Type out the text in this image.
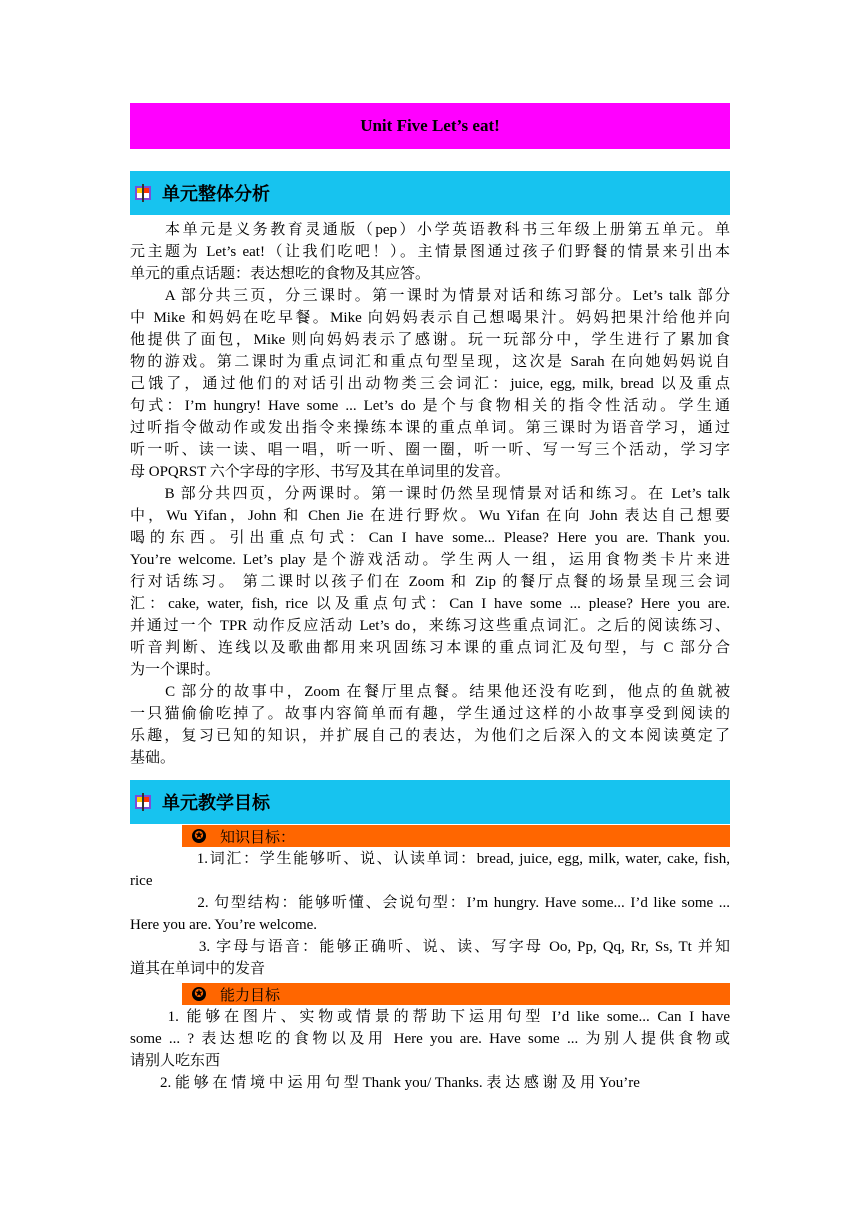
Unit Five Let’s eat!
单元整体分析
　　本单元是义务教育灵通版（pep）小学英语教科书三年级上册第五单元。单
元主题为 Let’s eat!（让我们吃吧！）。主情景图通过孩子们野餐的情景来引出本
单元的重点话题：表达想吃的食物及其应答。
　　A 部分共三页，分三课时。第一课时为情景对话和练习部分。Let’s talk 部分
中 Mike 和妈妈在吃早餐。Mike 向妈妈表示自己想喝果汁。妈妈把果汁给他并向
他提供了面包，Mike 则向妈妈表示了感谢。玩一玩部分中，学生进行了累加食
物的游戏。第二课时为重点词汇和重点句型呈现，这次是 Sarah 在向她妈妈说自
己饿了，通过他们的对话引出动物类三会词汇：juice, egg, milk, bread 以及重点
句式：I’m hungry! Have some ... Let’s do 是个与食物相关的指令性活动。学生通
过听指令做动作或发出指令来操练本课的重点单词。第三课时为语音学习，通过
听一听、读一读、唱一唱，听一听、圈一圈，听一听、写一写三个活动，学习字
母 OPQRST 六个字母的字形、书写及其在单词里的发音。
　　B 部分共四页，分两课时。第一课时仍然呈现情景对话和练习。在 Let’s talk
中，Wu Yifan，John 和 Chen Jie 在进行野炊。Wu Yifan 在向 John 表达自己想要
喝的东西。引出重点句式：Can I have some... Please? Here you are. Thank you.
You’re welcome. Let’s play 是个游戏活动。学生两人一组，运用食物类卡片来进
行对话练习。 第二课时以孩子们在 Zoom 和 Zip 的餐厅点餐的场景呈现三会词
汇：cake, water, fish, rice 以及重点句式：Can I have some ... please? Here you are.
并通过一个 TPR 动作反应活动 Let’s do，来练习这些重点词汇。之后的阅读练习、
听音判断、连线以及歌曲都用来巩固练习本课的重点词汇及句型，与 C 部分合
为一个课时。
　　C 部分的故事中，Zoom 在餐厅里点餐。结果他还没有吃到，他点的鱼就被
一只猫偷偷吃掉了。故事内容简单而有趣，学生通过这样的小故事享受到阅读的
乐趣，复习已知的知识，并扩展自己的表达，为他们之后深入的文本阅读奠定了
基础。
单元教学目标
✪ 知识目标：
　　　　1.词汇：学生能够听、说、认读单词：bread, juice, egg, milk, water, cake, fish,
rice
　　　　2. 句型结构：能够听懂、会说句型：I’m hungry. Have some... I’d like some ...
Here you are. You’re welcome.
　　　　3. 字母与语音：能够正确听、说、读、写字母 Oo, Pp, Qq, Rr, Ss, Tt 并知
道其在单词中的发音
✪ 能力目标
　　1. 能够在图片、实物或情景的帮助下运用句型 I’d like some... Can I have
some ... ? 表达想吃的食物以及用 Here you are. Have some ... 为别人提供食物或
请别人吃东西
　　2. 能 够 在 情 境 中 运 用 句 型 Thank you/ Thanks. 表 达 感 谢 及 用 You’re
